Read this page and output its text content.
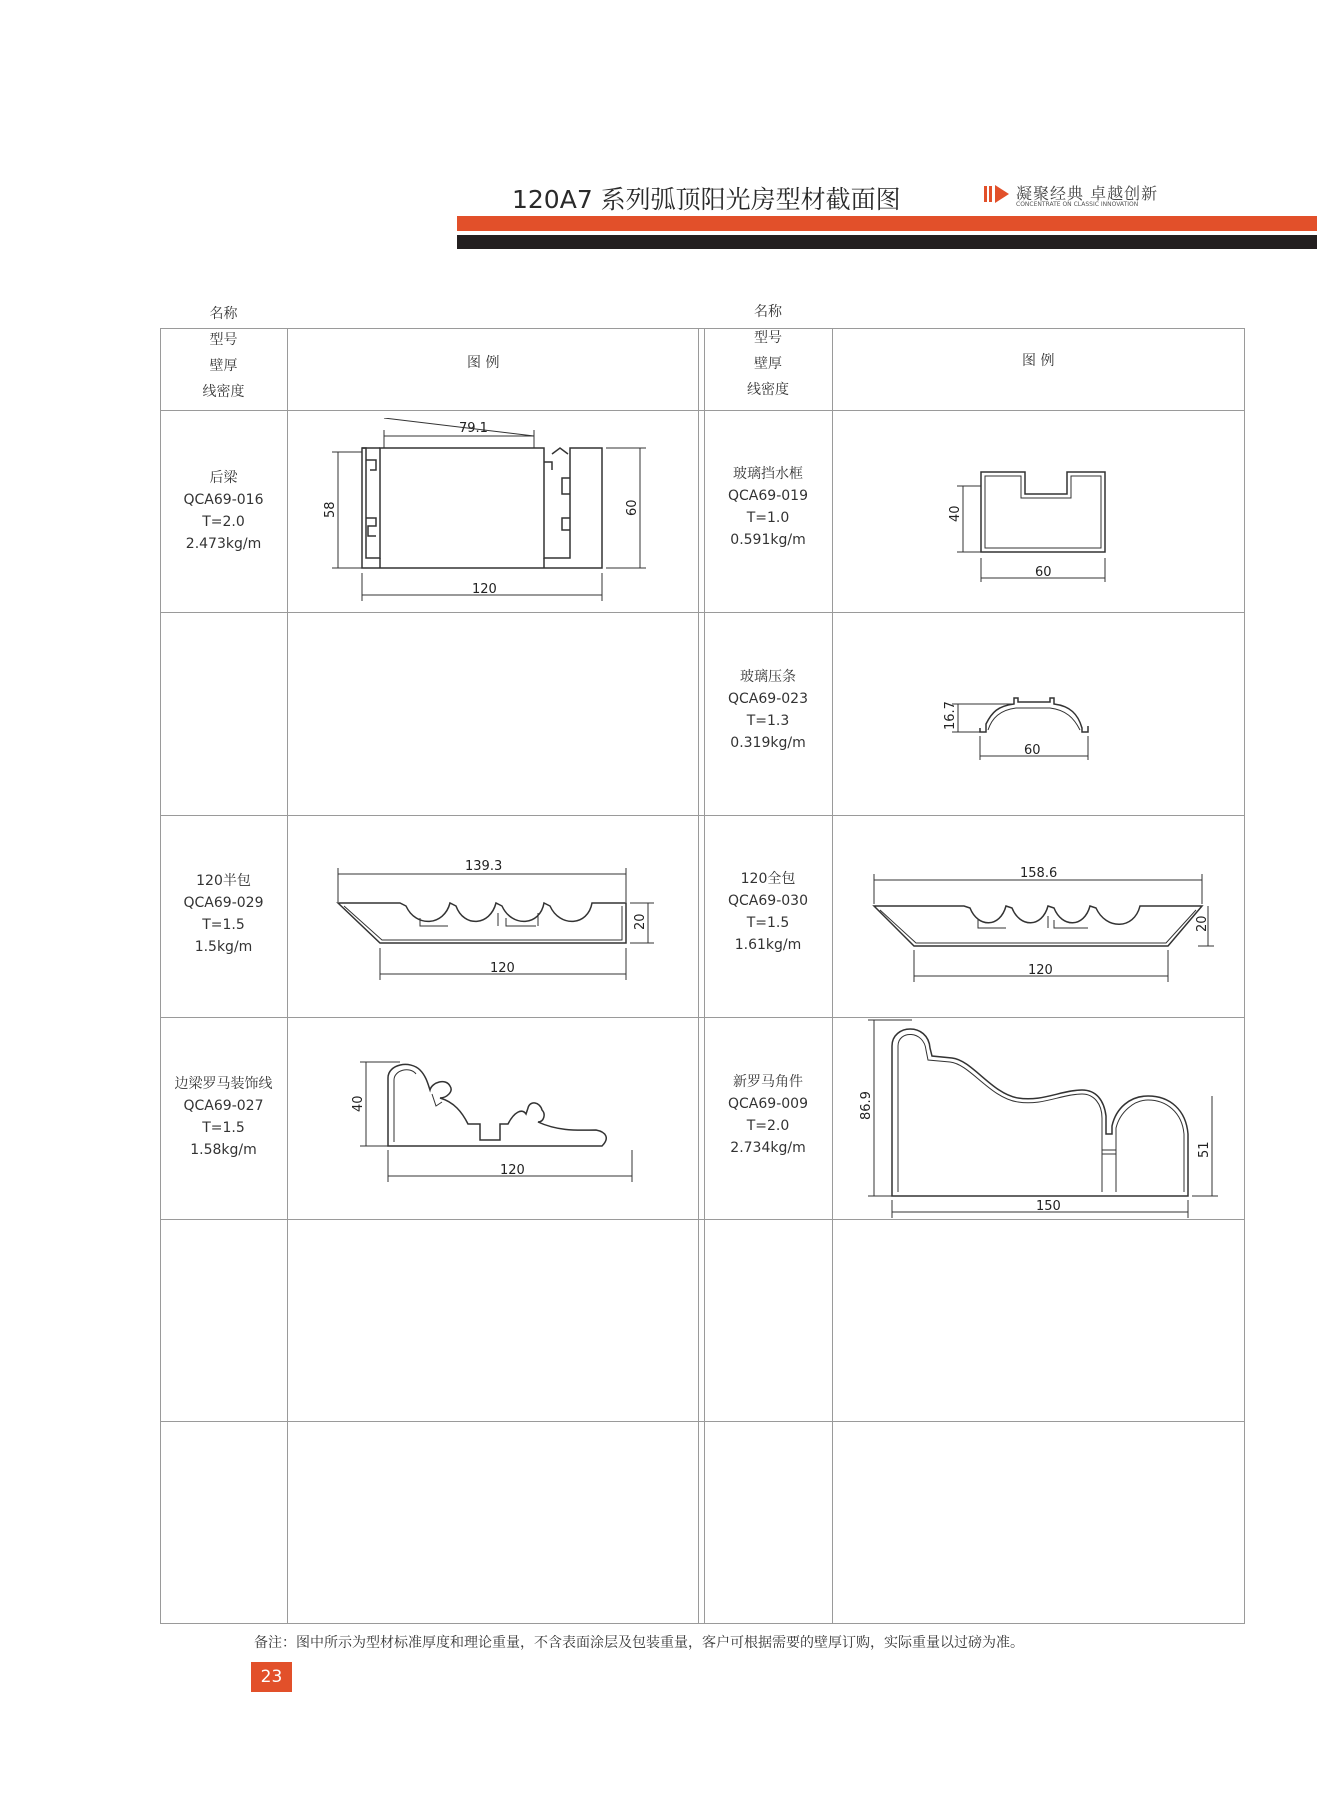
120A7 系列弧顶阳光房型材截面图	凝聚经典 卓越创新
CONCENTRATE ON CLASSIC INNOVATION
名称
型号
壁厚
线密度
图 例
名称
型号
壁厚
线密度
图 例
后梁
QCA69-016
T=2.0
2.473kg/m
79.1
58	60
120
玻璃挡水框
QCA69-019
T=1.0
0.591kg/m
40
60
玻璃压条
QCA69-023
T=1.3
0.319kg/m
16.7
60
120半包
QCA69-029
T=1.5
1.5kg/m
139.3
20
120
120全包
QCA69-030
T=1.5
1.61kg/m
158.6
20
120
边梁罗马装饰线
QCA69-027
T=1.5
1.58kg/m
40
120
新罗马角件
QCA69-009
T=2.0
2.734kg/m
86.9
51
150
备注：图中所示为型材标准厚度和理论重量，不含表面涂层及包装重量，客户可根据需要的壁厚订购，实际重量以过磅为准。
23
